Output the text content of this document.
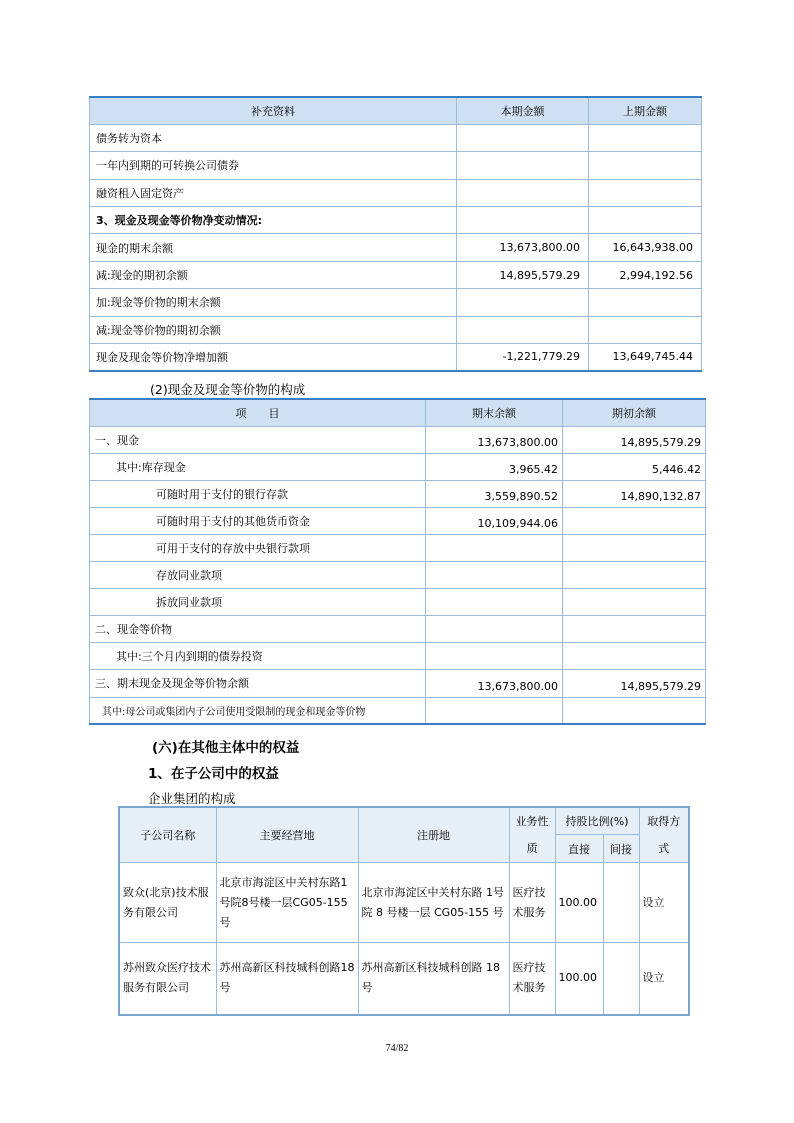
补充资料	本期金额	上期金额
债务转为资本		
一年内到期的可转换公司债券		
融资租入固定资产		
3、现金及现金等价物净变动情况:		
现金的期末余额	13,673,800.00	16,643,938.00
减:现金的期初余额	14,895,579.29	2,994,192.56
加:现金等价物的期末余额		
减:现金等价物的期初余额		
现金及现金等价物净增加额	-1,221,779.29	13,649,745.44
(2)现金及现金等价物的构成
项　　目	期末余额	期初余额
一、现金	13,673,800.00	14,895,579.29
其中:库存现金	3,965.42	5,446.42
可随时用于支付的银行存款	3,559,890.52	14,890,132.87
可随时用于支付的其他货币资金	10,109,944.06	
可用于支付的存放中央银行款项		
存放同业款项		
拆放同业款项		
二、现金等价物		
其中:三个月内到期的债券投资		
三、期末现金及现金等价物余额	13,673,800.00	14,895,579.29
其中:母公司或集团内子公司使用受限制的现金和现金等价物		
(六)在其他主体中的权益
1、在子公司中的权益
企业集团的构成
子公司名称	主要经营地	注册地	业务性质	持股比例(%)		取得方式
				直接	间接	
致众(北京)技术服务有限公司	北京市海淀区中关村东路1号院8号楼一层CG05-155号	北京市海淀区中关村东路 1号院 8 号楼一层 CG05-155 号	医疗技术服务	100.00		设立
苏州致众医疗技术服务有限公司	苏州高新区科技城科创路18号	苏州高新区科技城科创路 18号	医疗技术服务	100.00		设立
74/82
